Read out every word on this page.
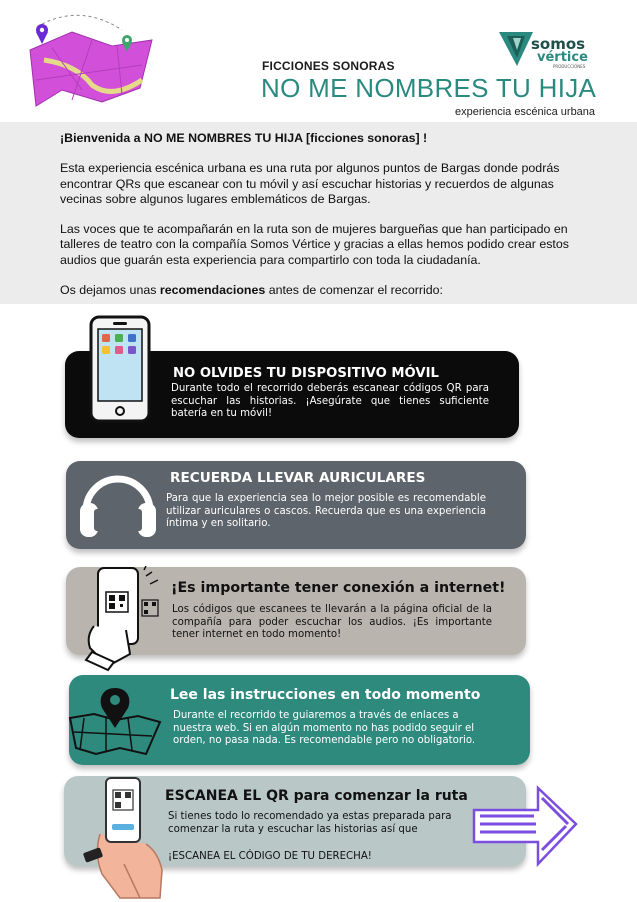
somos
vértice
PRODUCCIONES
FICCIONES SONORAS
NO ME NOMBRES TU HIJA
experiencia escénica urbana

¡Bienvenida a NO ME NOMBRES TU HIJA [ficciones sonoras] !

Esta experiencia escénica urbana es una ruta por algunos puntos de Bargas donde podrás encontrar QRs que escanear con tu móvil y así escuchar historias y recuerdos de algunas vecinas sobre algunos lugares emblemáticos de Bargas.

Las voces que te acompañarán en la ruta son de mujeres bargueñas que han participado en talleres de teatro con la compañía Somos Vértice y gracias a ellas hemos podido crear estos audios que guarán esta experiencia para compartirlo con toda la ciudadanía.

Os dejamos unas recomendaciones antes de comenzar el recorrido:

NO OLVIDES TU DISPOSITIVO MÓVIL
Durante todo el recorrido deberás escanear códigos QR para escuchar las historias. ¡Asegúrate que tienes suficiente batería en tu móvil!
RECUERDA LLEVAR AURICULARES
Para que la experiencia sea lo mejor posible es recomendable utilizar auriculares o cascos. Recuerda que es una experiencia íntima y en solitario.
¡Es importante tener conexión a internet!
Los códigos que escanees te llevarán a la página oficial de la compañía para poder escuchar los audios. ¡Es importante tener internet en todo momento!
Lee las instrucciones en todo momento
Durante el recorrido te guiaremos a través de enlaces a nuestra web. Si en algún momento no has podido seguir el orden, no pasa nada. Es recomendable pero no obligatorio.
ESCANEA EL QR para comenzar la ruta
Si tienes todo lo recomendado ya estas preparada para comenzar la ruta y escuchar las historias así que
¡ESCANEA EL CÓDIGO DE TU DERECHA!
